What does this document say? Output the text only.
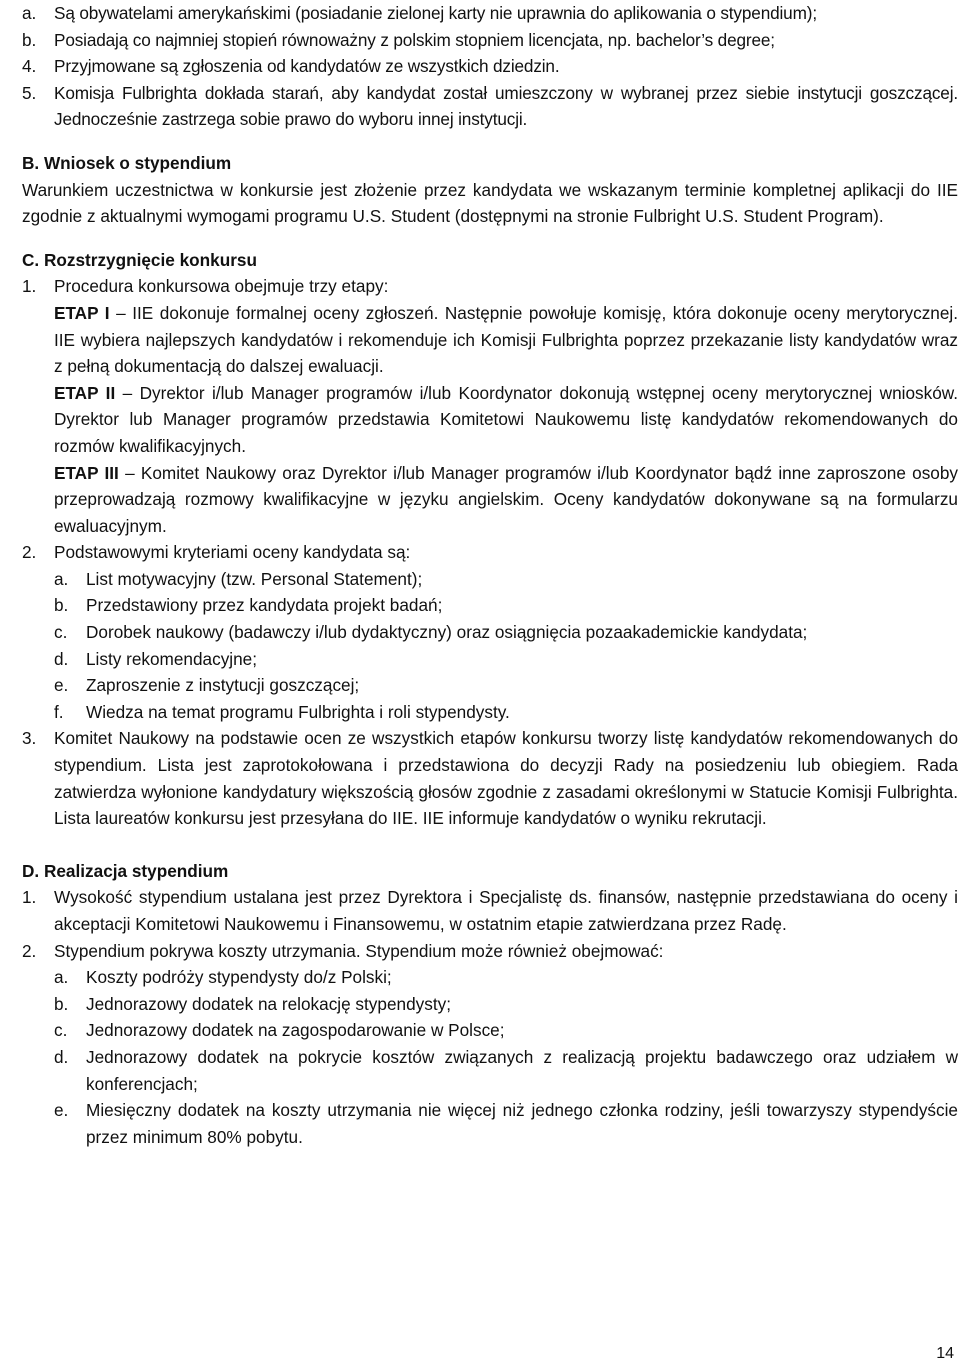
a. Są obywatelami amerykańskimi (posiadanie zielonej karty nie uprawnia do aplikowania o stypendium);
b. Posiadają co najmniej stopień równoważny z polskim stopniem licencjata, np. bachelor’s degree;
4. Przyjmowane są zgłoszenia od kandydatów ze wszystkich dziedzin.
5. Komisja Fulbrighta dokłada starań, aby kandydat został umieszczony w wybranej przez siebie instytucji goszczącej. Jednocześnie zastrzega sobie prawo do wyboru innej instytucji.
B. Wniosek o stypendium
Warunkiem uczestnictwa w konkursie jest złożenie przez kandydata we wskazanym terminie kompletnej aplikacji do IIE zgodnie z aktualnymi wymogami programu U.S. Student (dostępnymi na stronie Fulbright U.S. Student Program).
C. Rozstrzygnięcie konkursu
1. Procedura konkursowa obejmuje trzy etapy:
ETAP I – IIE dokonuje formalnej oceny zgłoszeń. Następnie powołuje komisję, która dokonuje oceny merytorycznej. IIE wybiera najlepszych kandydatów i rekomenduje ich Komisji Fulbrighta poprzez przekazanie listy kandydatów wraz z pełną dokumentacją do dalszej ewaluacji.
ETAP II – Dyrektor i/lub Manager programów i/lub Koordynator dokonują wstępnej oceny merytorycznej wniosków. Dyrektor lub Manager programów przedstawia Komitetowi Naukowemu listę kandydatów rekomendowanych do rozmów kwalifikacyjnych.
ETAP III – Komitet Naukowy oraz Dyrektor i/lub Manager programów i/lub Koordynator bądź inne zaproszone osoby przeprowadzają rozmowy kwalifikacyjne w języku angielskim. Oceny kandydatów dokonywane są na formularzu ewaluacyjnym.
2. Podstawowymi kryteriami oceny kandydata są:
a. List motywacyjny (tzw. Personal Statement);
b. Przedstawiony przez kandydata projekt badań;
c. Dorobek naukowy (badawczy i/lub dydaktyczny) oraz osiągnięcia pozaakademickie kandydata;
d. Listy rekomendacyjne;
e. Zaproszenie z instytucji goszczącej;
f. Wiedza na temat programu Fulbrighta i roli stypendysty.
3. Komitet Naukowy na podstawie ocen ze wszystkich etapów konkursu tworzy listę kandydatów rekomendowanych do stypendium. Lista jest zaprotokołowana i przedstawiona do decyzji Rady na posiedzeniu lub obiegiem. Rada zatwierdza wyłonione kandydatury większością głosów zgodnie z zasadami określonymi w Statucie Komisji Fulbrighta. Lista laureatów konkursu jest przesyłana do IIE. IIE informuje kandydatów o wyniku rekrutacji.
D. Realizacja stypendium
1. Wysokość stypendium ustalana jest przez Dyrektora i Specjalistę ds. finansów, następnie przedstawiana do oceny i akceptacji Komitetowi Naukowemu i Finansowemu, w ostatnim etapie zatwierdzana przez Radę.
2. Stypendium pokrywa koszty utrzymania. Stypendium może również obejmować:
a. Koszty podróży stypendysty do/z Polski;
b. Jednorazowy dodatek na relokację stypendysty;
c. Jednorazowy dodatek na zagospodarowanie w Polsce;
d. Jednorazowy dodatek na pokrycie kosztów związanych z realizacją projektu badawczego oraz udziałem w konferencjach;
e. Miesięczny dodatek na koszty utrzymania nie więcej niż jednego członka rodziny, jeśli towarzyszy stypendyście przez minimum 80% pobytu.
14
